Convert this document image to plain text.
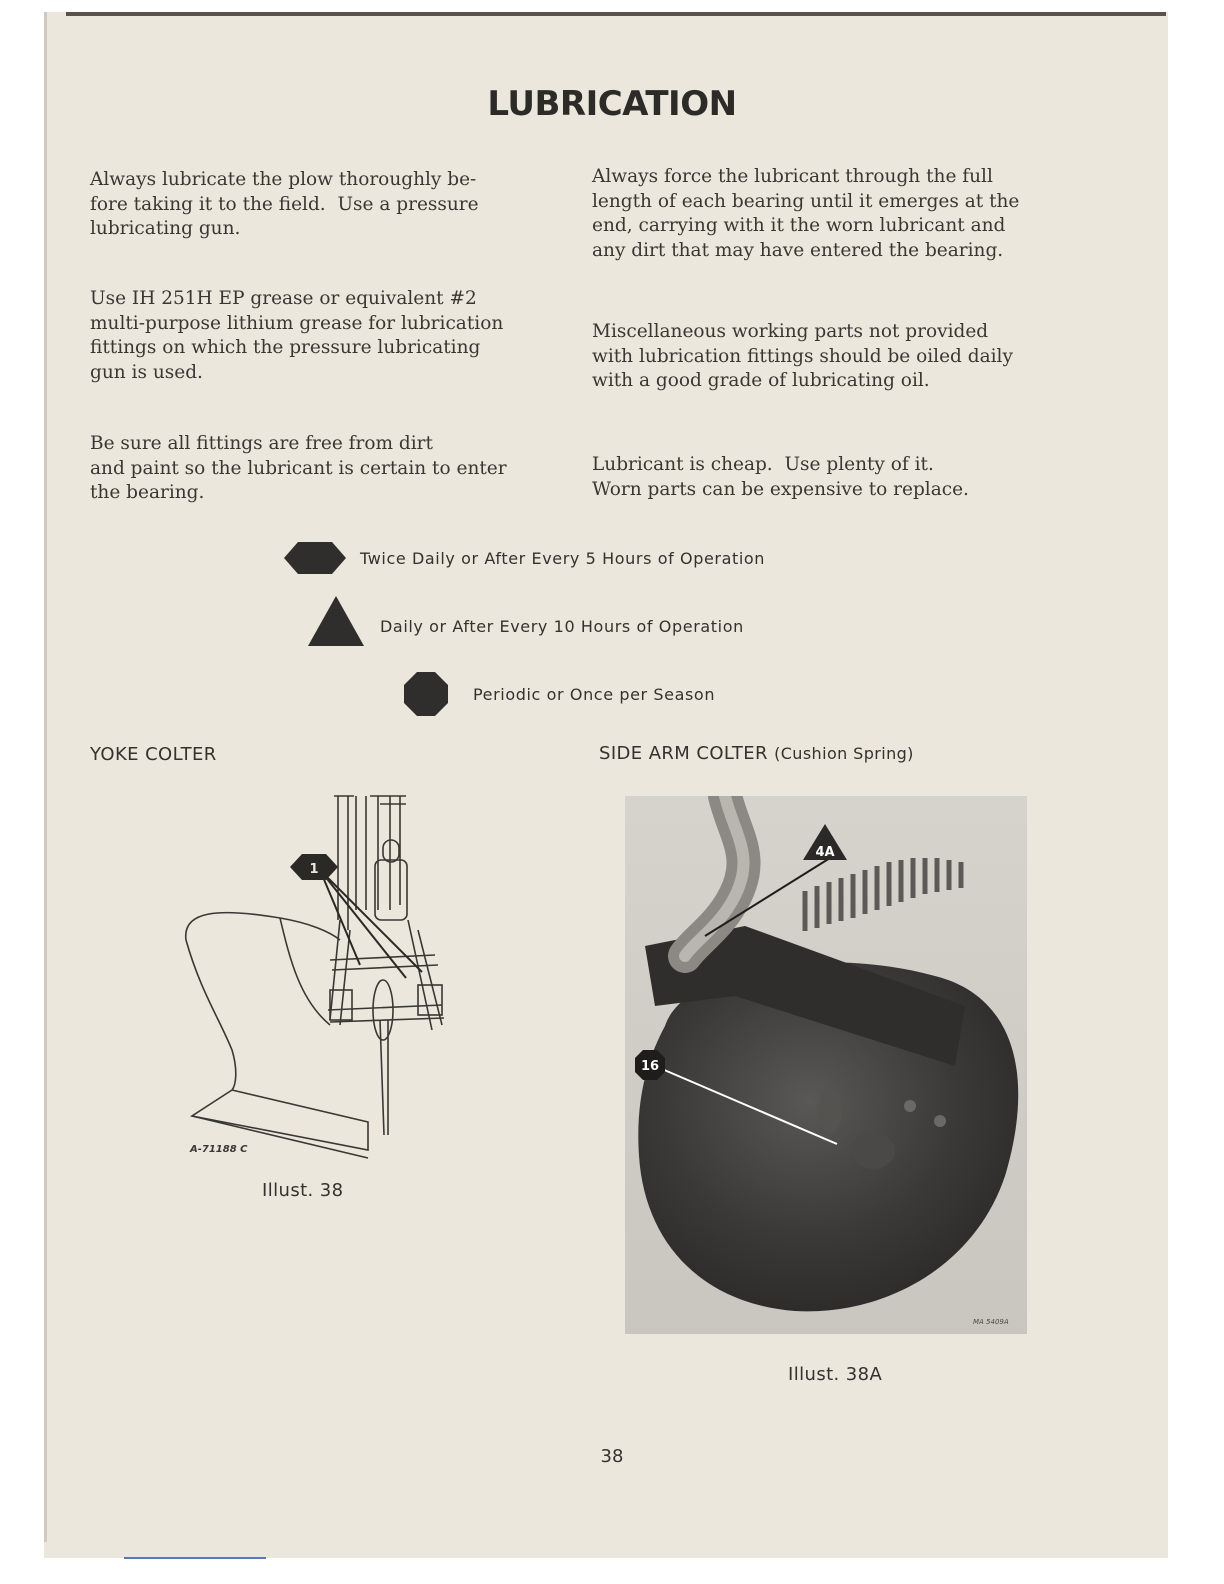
LUBRICATION

Always lubricate the plow thoroughly be-
fore taking it to the field.  Use a pressure
lubricating gun.

Use IH 251H EP grease or equivalent #2
multi-purpose lithium grease for lubrication
fittings on which the pressure lubricating
gun is used.

Be sure all fittings are free from dirt
and paint so the lubricant is certain to enter
the bearing.

Always force the lubricant through the full
length of each bearing until it emerges at the
end, carrying with it the worn lubricant and
any dirt that may have entered the bearing.

Miscellaneous working parts not provided
with lubrication fittings should be oiled daily
with a good grade of lubricating oil.

Lubricant is cheap.  Use plenty of it.
Worn parts can be expensive to replace.

Twice Daily or After Every 5 Hours of Operation
Daily or After Every 10 Hours of Operation
Periodic or Once per Season
YOKE COLTER	SIDE ARM COLTER (Cushion Spring)
1
A-71188 C
Illust. 38
4A
16
MA 5409A
Illust. 38A
38
